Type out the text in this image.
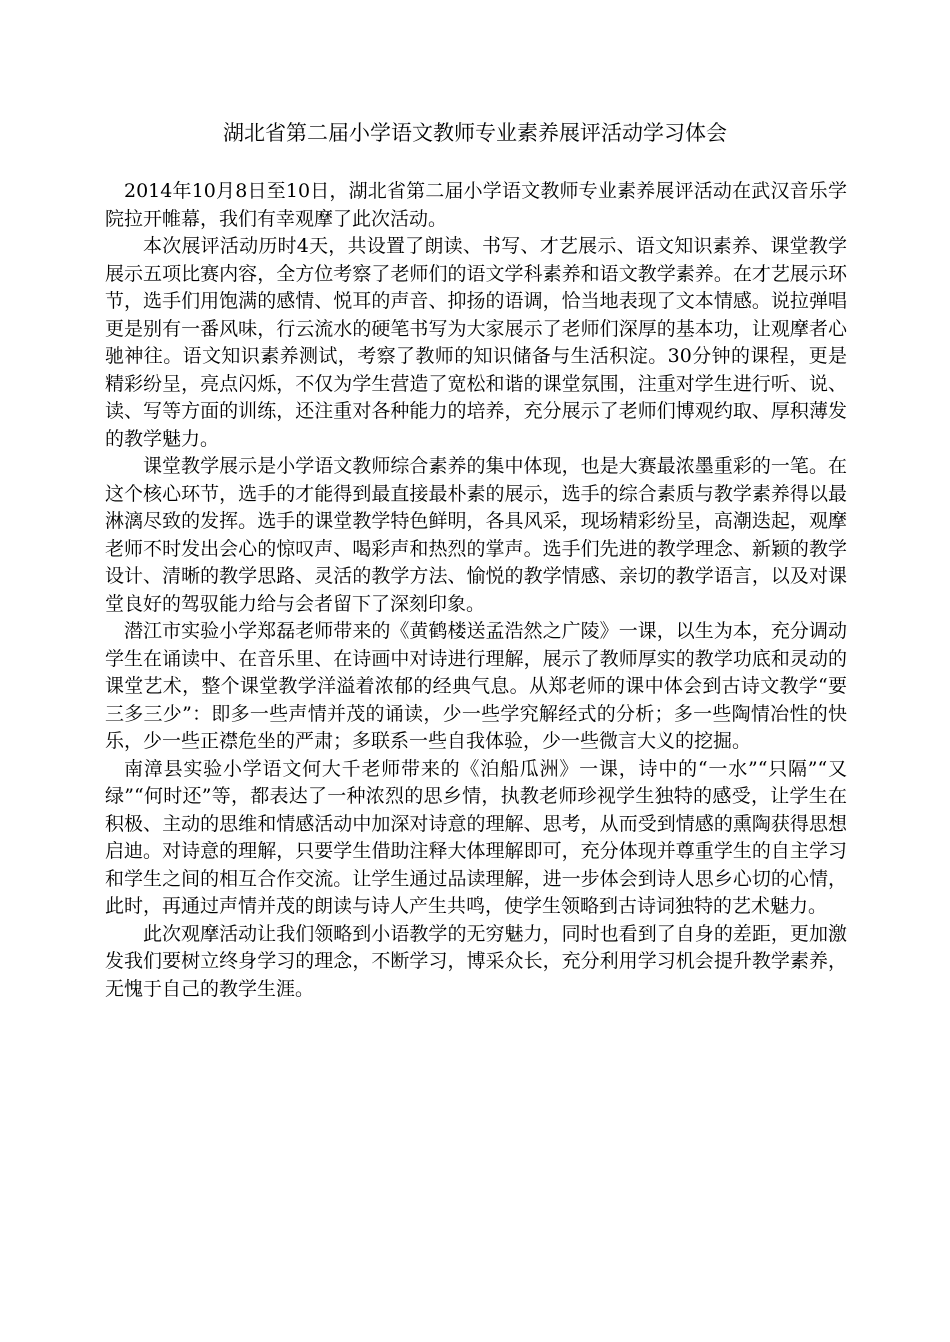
湖北省第二届小学语文教师专业素养展评活动学习体会

2014年10月8日至10日，湖北省第二届小学语文教师专业素养展评活动在武汉音乐学院拉开帷幕，我们有幸观摩了此次活动。

本次展评活动历时4天，共设置了朗读、书写、才艺展示、语文知识素养、课堂教学展示五项比赛内容，全方位考察了老师们的语文学科素养和语文教学素养。在才艺展示环节，选手们用饱满的感情、悦耳的声音、抑扬的语调，恰当地表现了文本情感。说拉弹唱更是别有一番风味，行云流水的硬笔书写为大家展示了老师们深厚的基本功，让观摩者心驰神往。语文知识素养测试，考察了教师的知识储备与生活积淀。30分钟的课程，更是精彩纷呈，亮点闪烁，不仅为学生营造了宽松和谐的课堂氛围，注重对学生进行听、说、读、写等方面的训练，还注重对各种能力的培养，充分展示了老师们博观约取、厚积薄发的教学魅力。

课堂教学展示是小学语文教师综合素养的集中体现，也是大赛最浓墨重彩的一笔。在这个核心环节，选手的才能得到最直接最朴素的展示，选手的综合素质与教学素养得以最淋漓尽致的发挥。选手的课堂教学特色鲜明，各具风采，现场精彩纷呈，高潮迭起，观摩老师不时发出会心的惊叹声、喝彩声和热烈的掌声。选手们先进的教学理念、新颖的教学设计、清晰的教学思路、灵活的教学方法、愉悦的教学情感、亲切的教学语言，以及对课堂良好的驾驭能力给与会者留下了深刻印象。

潜江市实验小学郑磊老师带来的《黄鹤楼送孟浩然之广陵》一课，以生为本，充分调动学生在诵读中、在音乐里、在诗画中对诗进行理解，展示了教师厚实的教学功底和灵动的课堂艺术，整个课堂教学洋溢着浓郁的经典气息。从郑老师的课中体会到古诗文教学“要三多三少”：即多一些声情并茂的诵读，少一些学究解经式的分析；多一些陶情冶性的快乐，少一些正襟危坐的严肃；多联系一些自我体验，少一些微言大义的挖掘。

南漳县实验小学语文何大千老师带来的《泊船瓜洲》一课，诗中的“一水”“只隔”“又绿”“何时还”等，都表达了一种浓烈的思乡情，执教老师珍视学生独特的感受，让学生在积极、主动的思维和情感活动中加深对诗意的理解、思考，从而受到情感的熏陶获得思想启迪。对诗意的理解，只要学生借助注释大体理解即可，充分体现并尊重学生的自主学习和学生之间的相互合作交流。让学生通过品读理解，进一步体会到诗人思乡心切的心情，此时，再通过声情并茂的朗读与诗人产生共鸣，使学生领略到古诗词独特的艺术魅力。

此次观摩活动让我们领略到小语教学的无穷魅力，同时也看到了自身的差距，更加激发我们要树立终身学习的理念，不断学习，博采众长，充分利用学习机会提升教学素养，无愧于自己的教学生涯。
